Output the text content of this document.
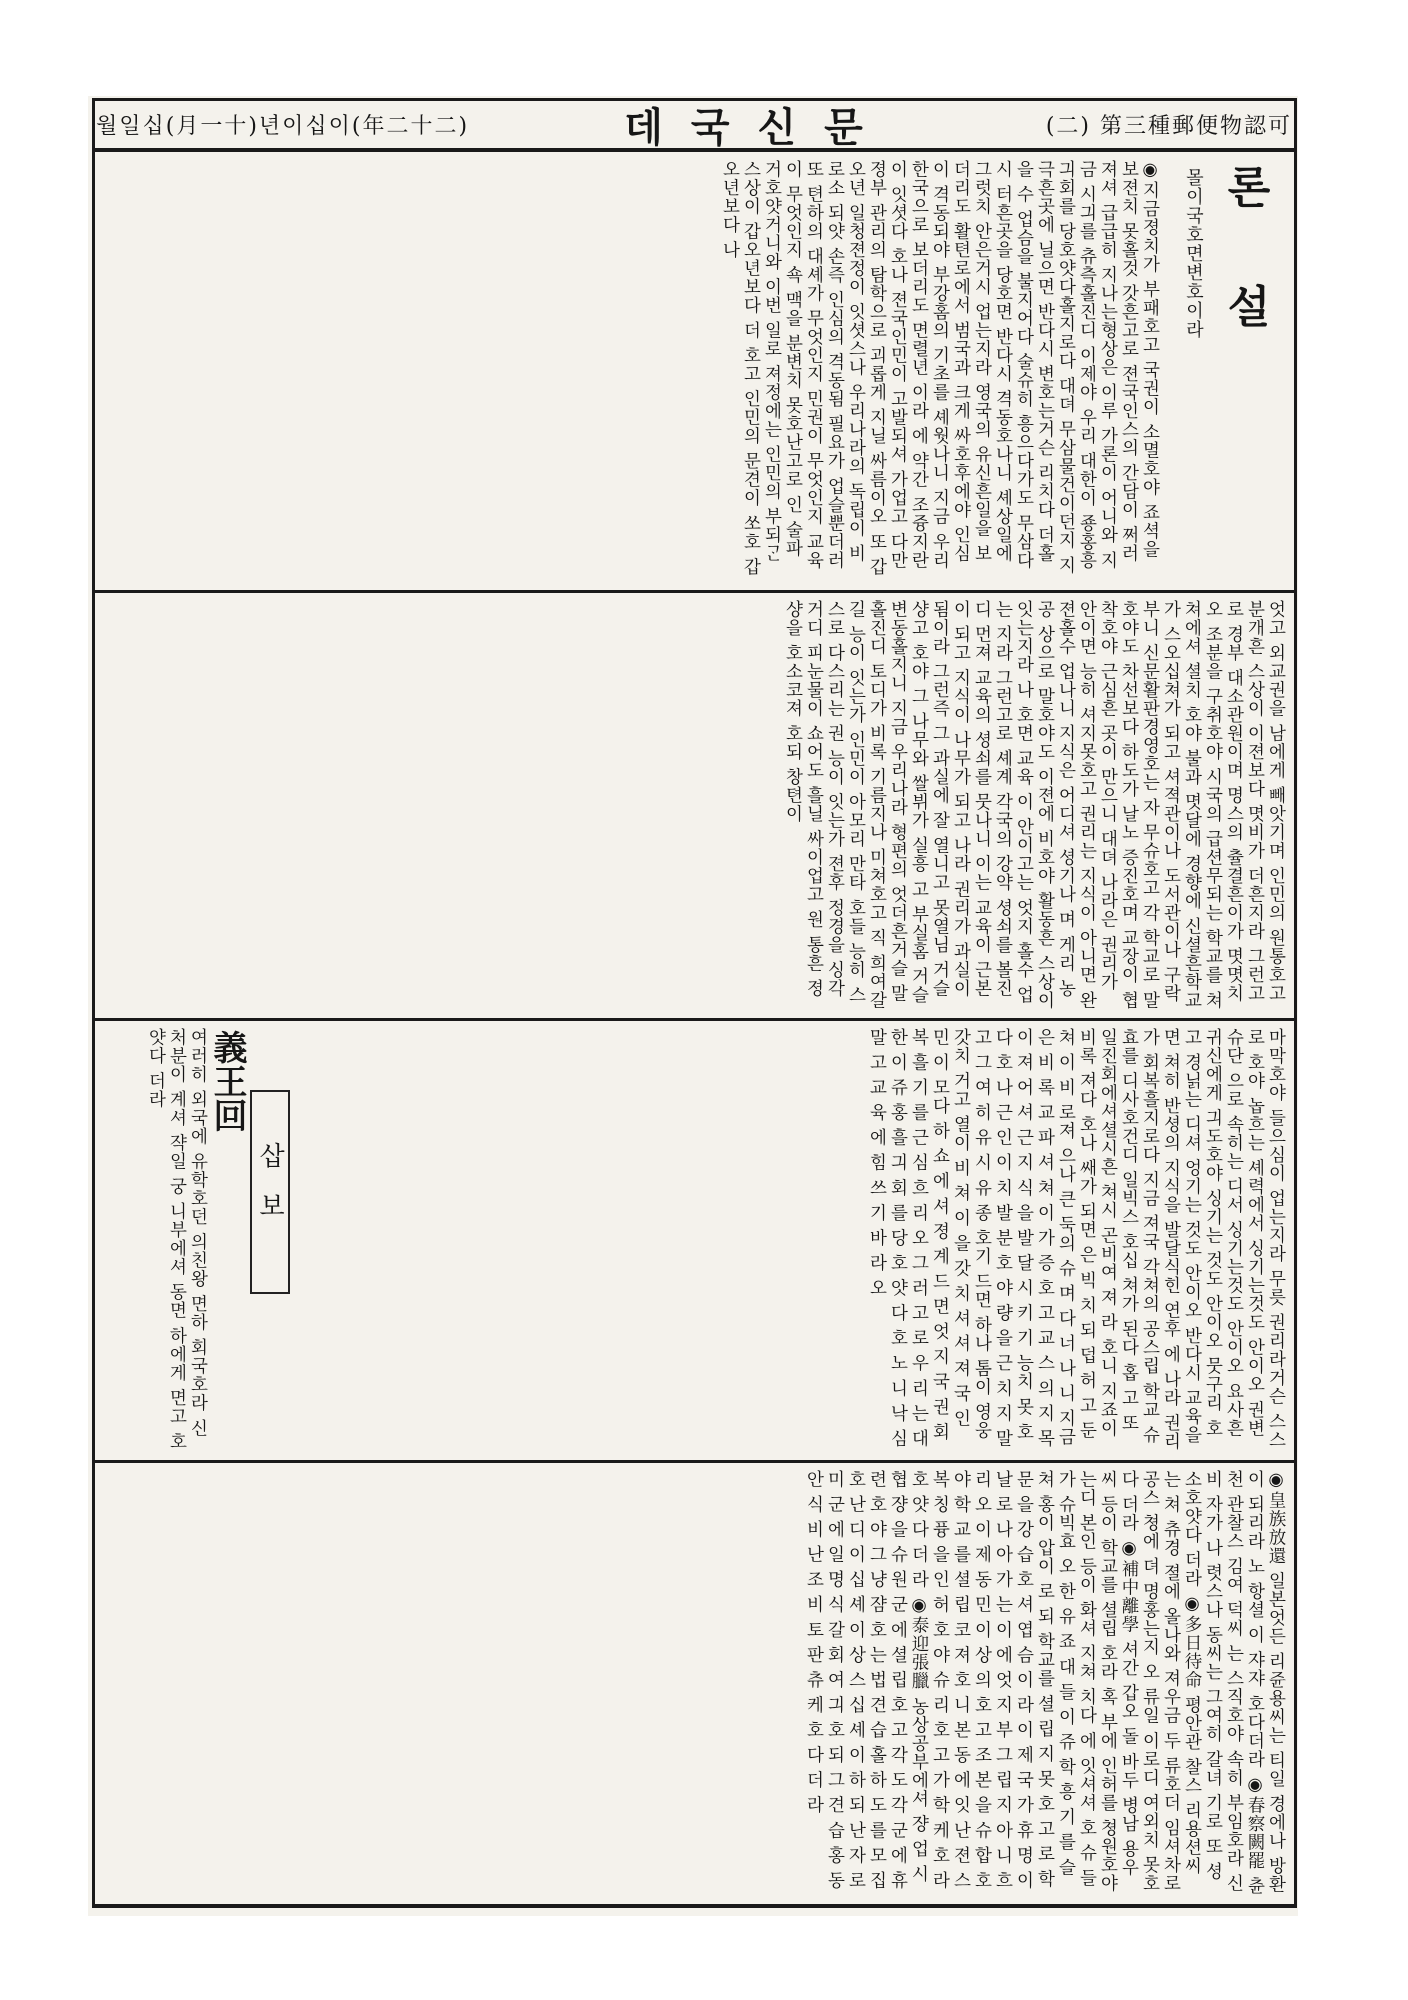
월일십(月一十)년이십이(年二十二)	데국신문	(二) 第三種郵便物認可
론 설
몰이국호면변호이라
◉지금졍치가 부패호고 국권이 소멸호야 죠셕을 보젼치 못홀것 갓흔고로 젼국인스의 간담이 쩌러져셔 급급히 지나는형상은 이루 가론이 어니와 지금 시긔를 츄측홀진디 이제야 우리 대한이 죵홍흥긔회를 당호얏다홀지로다 대뎌 무삼물건이던지 지극흔곳에 닐으면 반다시 변호는거슨 리치다 더홀을 수 업슴을 불지어다 술슈히 흥으다가도 무삼다시 터흔곳을 당호면 반다시 격동호나니 셰상일에 그럿치 안은거시 업는지라 영국의 유신흔일을 보더리도 활텬로에서 범국과 크게 싸호후에야 인심이 격동되야 부강홈의 기초를 셰웟나니 지금 우리 한국으로 보더리도 면렬년 이라 에 약간 조즁지란이 잇셧다 호나 젼국인민이 고발되셔 가업고 다만 졍부 관리의 탐학으로 괴롭게 지닐 싸름이오 또 갑오년 일청젼정이 잇셧스나 우리나라의 독립이 비로소 되얏 손즉 인심의 격동됨 필요가 업슬뿐더러 또 텬하의 대셰가 무엇인지 민권이 무엇인지 교육이 무엇인지 쇽 맥을 분변치 못호난고로 인 술파 거호얏거니와 이번 일로 져정에는 인민의 부되ᄀᆞᆫ 스상이 갑오년보다 더 호고 인민의 문견이 쏘호 갑오년보다 나
엇고 외교권을 남에게 빼앗기며 인민의 원통호고 분개흔 스상이 이젼보다 몃비가 더흔지라 그런고로 경부 대소관원이며 명스의 츌결흔이가 몃몃치오 조분을 구취호야 시국의 급션무되는 학교를 쳐쳐에셔 셜치 호야 불과 몃달에 경향에 신셜흔학교가 스오십쳐가 되고 셔젹관이나 도서관이나 구락부니 신문활판경영호는 자 무슈호고 각 학교로 말호야도 차선보다 하도가 날노 증진호며 교장이 협착호야 근심흔 곳이 만으니 대뎌 나라은 권리가 안이면 능히 셔지못호고 권리는 지식이 아니면 완젼홀수 업나니 지식은 어디셔 셩기나 며 게리 농공 상으로 말호야도 이젼에 비호야 활동흔 스상이 잇는지라 나 호면 교육 이 안이고는 엇지 홀수 업는 지라 그런고로 셰계 각국의 강약 셩쇠를 볼진디 먼져 교육의 셩쇠를 뭇나니 이는 교육이 근본이 되고 지식이 나무가 되고 나라 권리가 과실이 됨이라 그런즉 그 과실에 잘 열니고 못열님 거슬 샹고 호야 그 나무와 쌀뷔가 실흥 고 부실홈 거슬 변동홀지니 지금 우리나라 형편의 엇더흔거슬 말홀진디 토디가 비록 기름지나 미쳐호고 직 희여갈 길 능이 잇는가 인민이 아모리 만타 호들 능히 스스로 다스리는 권 능이 잇는가 젼후 정경을 싱각거디 피눈물이 쇼어도 흘닐 싸이업고 원 통흔 졍샹을 호소코져 호되 창텬이
마막호야 들으심이 업는지라 무릇 권리라거슨 스스로 호야 놉흐는 셰력에서 싱기는것도 안이오 권변 슈단 으로 속히는 디서 싱기는것도 안이오 요사흔 귀신에게 긔도호야 싱기는 것도 안이오 뭇구리 호고 경닑는 디셔 엉기는 것도 안이오 반다시 교육을 면 쳐히 반셩의 지식을 발달식힌 연후 에 나라 권리가 회복흘지로다 지금 져국 각쳐의 공스립 학교 슈효를 디사호건디 일빅스 호십 쳐가 된다 홉 고 또 일진회에셔셜시흔 쳐시 곤비여 져 라 호니 지죠이 비록 져다 호나 쌔가 되면 은 빅 치 되 덥 허 고 둔 쳐 이 비 로져 으나 큰 둑의 슈 며 다 너 나 니 지금 은 비 록 교 파 셔 쳐 이 가 증 호 고 교 스 의 지 목 이 져 어 셔 근 지 식 을 발 달 시 키 기 능치 못 호 다 호 나 근 인 이 치 발 분 호 야 량 을 근 치 지 말 고 그 여 히 유 시 유 종 호기 드면 하나 톰이 영웅 갓치 거고 열이 비 쳐 이 을 갓 치 셔 셔 져 국 인 민 이 모다 하 쇼 에 셔 졍 계 드 면 엇 지 국 권 회 복 흘 기 를 근 심 흐 리 오 그 러 고 로 우 리 는 대 한 이 쥬 홍 흘 긔 회 를 당 호 얏 다 호 노 니 낙 심 말 고 교 육 에 힘 쓰 기 바 라 오
삽보
義王回
여러히 외국에 유학호던 의친왕 면하 회국호라 신 처분이 계셔 쟉일 궁 니부에셔 동면 하에게 면고 호얏다 더라
◉皇族放還 일본엇든 리쥰용씨는 티일 경에나 방환이 되리라 노 항셜 이 쟈쟈 호다더라 ◉春察闕罷 츈천 관찰스 김여 덕씨 는 스직호야 속히 부임호라 신 비 자가 나 렷스나 동씨는 그여히 갈녀 기로 또 셩소호얏다 더라 ◉多日待命 평안관 찰스 리용션씨 는 쳐 츄경 졀에 올나와 져우금 두 류호더 임셔차로 공스 쳥에 뎌 명홍는지 오 류일 이로디 여외치 못호 다 더라 ◉補中離學 셔간 갑오 돌 바두 병남 용우 씨 등이 학교를 셜립 호라 혹 부에 인허를 쳥원호야 는디 본인 등이 화셔 지쳐 치다 에 잇셔셔 호 슈 들 가 슈빅효 오 한 유 죠 대 들 이 쥬 학 흥 기 를 슬 쳐 홍이 압이 로 되 학교를 셜 립 지 못 호 고 로 학 문 을 강 습 호 셔 엽 슴 이 라 이 제 국 가 휴 명 이 날 로 나 아 가 는 이 에 엇 지 부 그 립 지 아 니 흐 리 오 이 제 동 민 이 상 의 호 고 조 본 을 슈 합 호 야 학 교 를 셜 립 코 져 호 니 본 동 에 잇 난 젼 스 복 칭 퓽 을 인 허 호 야 슈 리 호 고 가 학 케 호 라 호 얏 다 더 라 ◉泰迎張臘 농상공부에셔 쟝 업 시 협 쟝 을 슈 원 군 에 셜 립 호 고 각 도 각 군 에 휴 련 호 야 그 냥 쟘 호 는 법 견 습 홀 하 도 를 모 집 호 난 디 이 십 셰 이 상 스 십 셰 이 하 되 난 자 로 미 군 에 일 명 식 갈 회 여 긔 호 되 그 견 습 홍 동 안 식 비 난 조 비 토 판 츄 케 호 다 더 라
